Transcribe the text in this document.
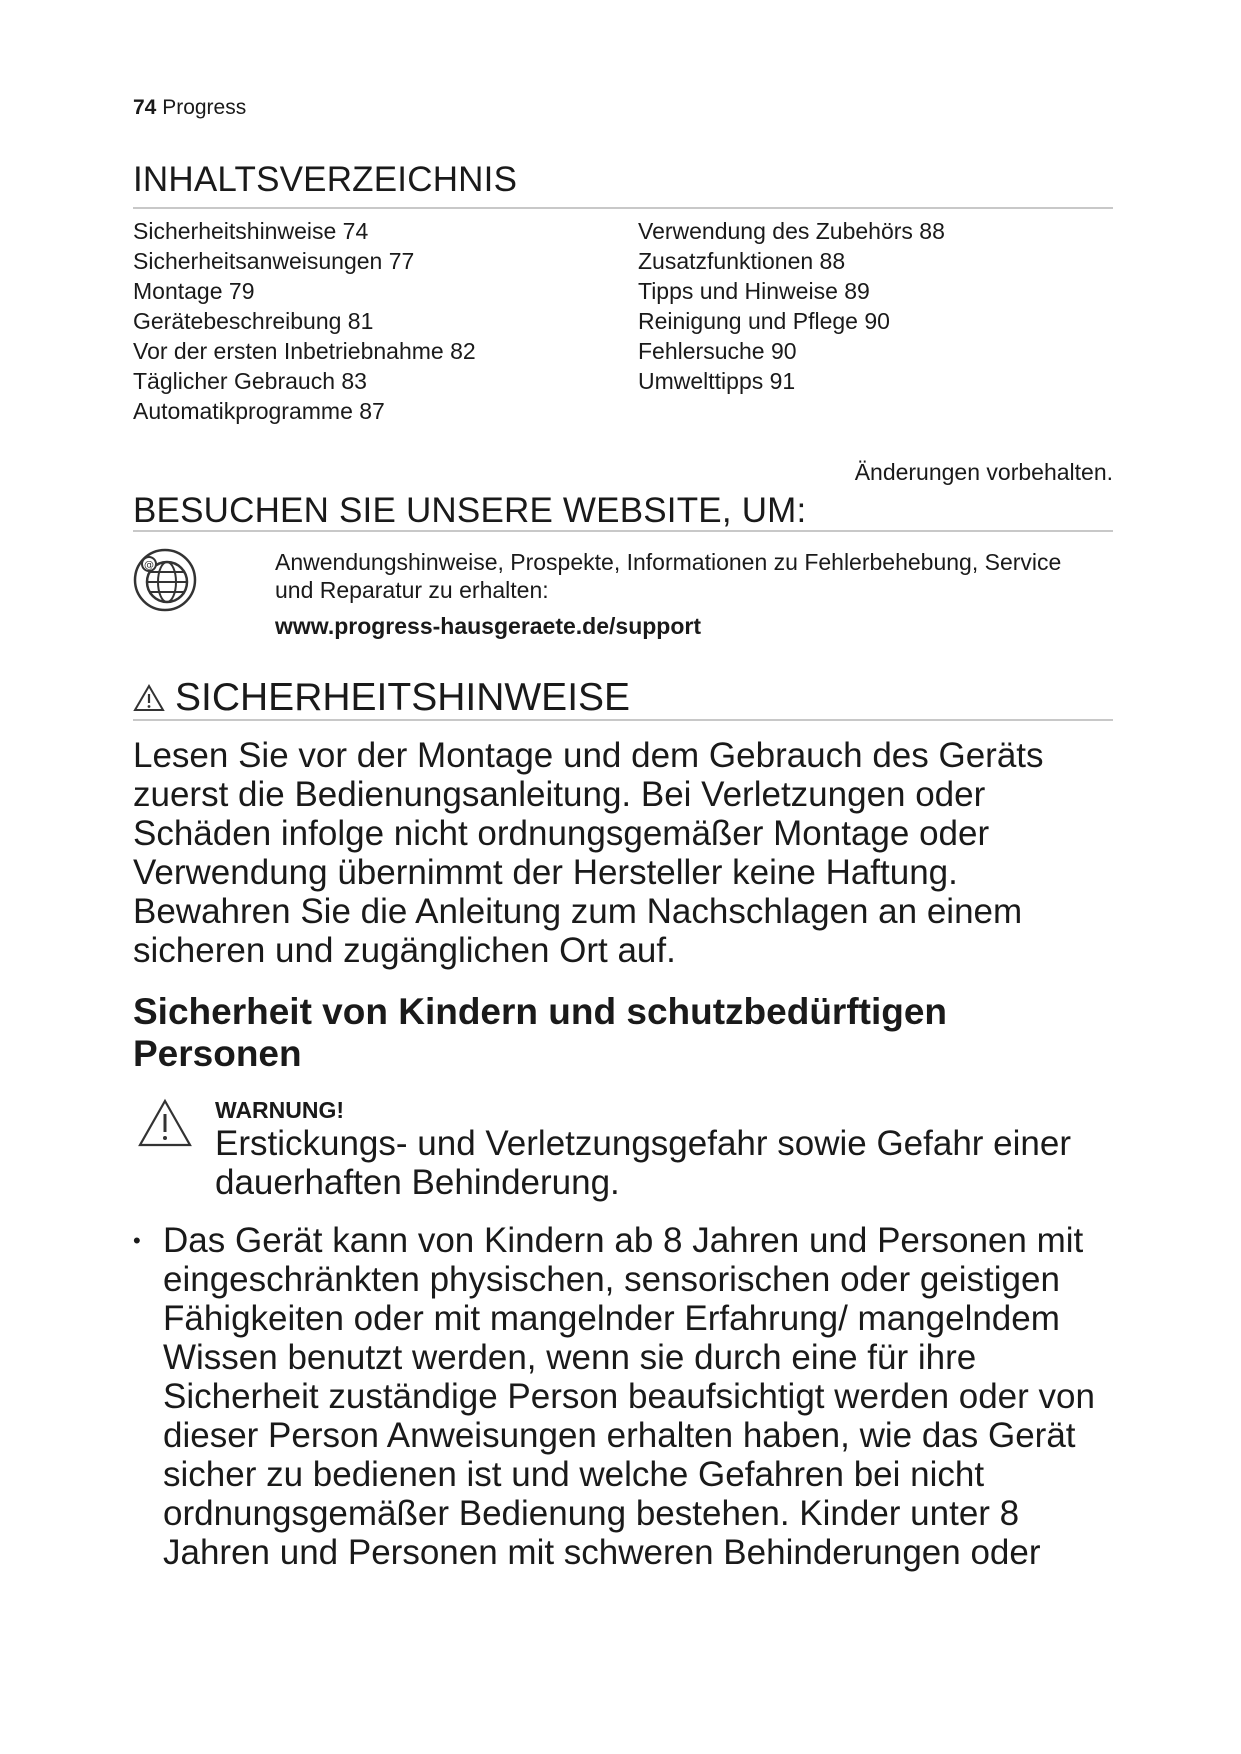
74 Progress
INHALTSVERZEICHNIS
Sicherheitshinweise 74
Sicherheitsanweisungen 77
Montage 79
Gerätebeschreibung 81
Vor der ersten Inbetriebnahme 82
Täglicher Gebrauch 83
Automatikprogramme 87
Verwendung des Zubehörs 88
Zusatzfunktionen 88
Tipps und Hinweise 89
Reinigung und Pflege 90
Fehlersuche 90
Umwelttipps 91
Änderungen vorbehalten.
BESUCHEN SIE UNSERE WEBSITE, UM:
@	Anwendungshinweise, Prospekte, Informationen zu Fehlerbehebung, Service und Reparatur zu erhalten:
www.progress-hausgeraete.de/support
SICHERHEITSHINWEISE
Lesen Sie vor der Montage und dem Gebrauch des Geräts zuerst die Bedienungsanleitung. Bei Verletzungen oder Schäden infolge nicht ordnungsgemäßer Montage oder Verwendung übernimmt der Hersteller keine Haftung. Bewahren Sie die Anleitung zum Nachschlagen an einem sicheren und zugänglichen Ort auf.
Sicherheit von Kindern und schutzbedürftigen Personen
WARNUNG!
Erstickungs- und Verletzungsgefahr sowie Gefahr einer dauerhaften Behinderung.
• Das Gerät kann von Kindern ab 8 Jahren und Personen mit eingeschränkten physischen, sensorischen oder geistigen Fähigkeiten oder mit mangelnder Erfahrung/ mangelndem Wissen benutzt werden, wenn sie durch eine für ihre Sicherheit zuständige Person beaufsichtigt werden oder von dieser Person Anweisungen erhalten haben, wie das Gerät sicher zu bedienen ist und welche Gefahren bei nicht ordnungsgemäßer Bedienung bestehen. Kinder unter 8 Jahren und Personen mit schweren Behinderungen oder
